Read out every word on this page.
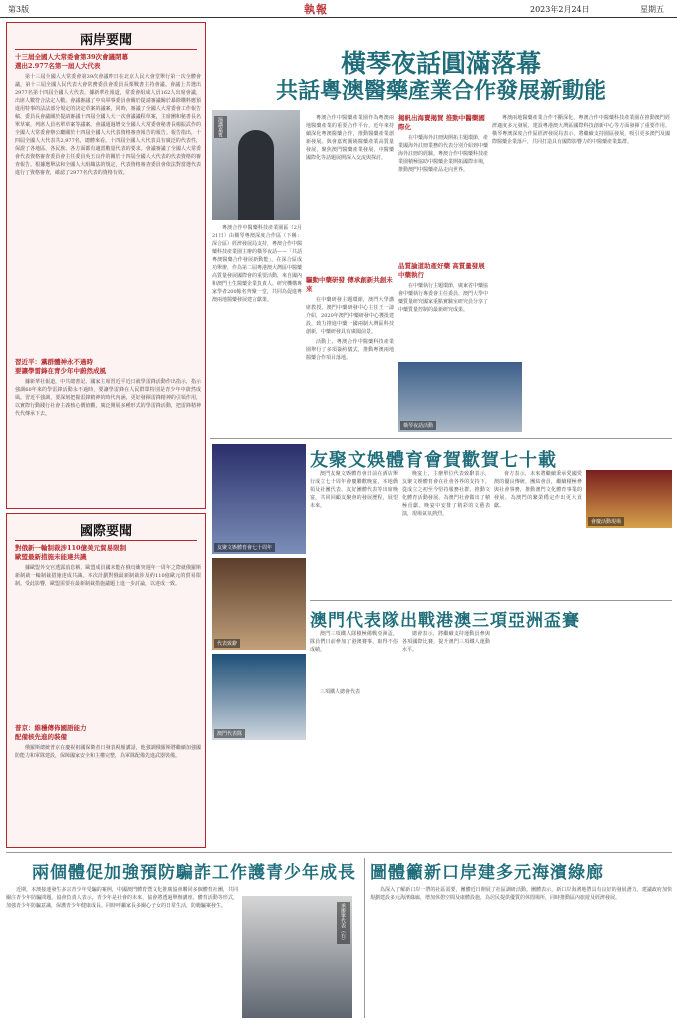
第3版	執報	2023年2月24日	星期五
兩岸要聞
十三屆全國人大常委會第39次會議閉幕
選出2.977名第一屆人大代表

第十三屆全國人大常委會第39次會議昨日在北京人民大會堂舉行第一次全體會議，第十三屆全國人民代表大會常務委員會委員長栗戰書主持會議。會議上共選出2977名第十四屆全國人大代表，據新華社報道，常委會組成人員162人出席會議，出席人數符合法定人數。會議審議了中央軍事委員會關於提請審議關於暴除購料應預進用特事的法法部分規定的決定草案的議案，同時，審議了全國人大常委會工作報告稿、委員長會議關於提請審議十四屆全國人大一次會議議程草案，主席團和秘書長名單草案，列席人員名單草案等議案。會議通過增交全國人大常委會秘書長楊振武作的全國人大常委會辦公廳關於十四屆全國人大代表資格審查報告的報告。報告指出，十四屆全國人大代表共2,977名，總體來看，十四屆全國人大代表具有廣泛的代表性，保證了各地區、各民族、各方面都有適當數量代表的要求。會議審議了全國人大常委會代表資格審查委員會主任委員吳玉良作的關於十四屆全國人大代表的代表資格的審查報告。根據選舉法和全國人大組織法的規定，代表資格審查委員會依法對當選代表進行了資格審查，確認了2977名代表的資格有效。

習近平：黨群體神永不過時
要讓學雷鋒在青少年中蔚然成風

據新華社報道，中共總書記、國家主席習近平近日就學雷鋒活動作出指示，指示強調60年來的學雷鋒活動永不過時，要讓學雷鋒在人民群眾特別是青少年中蔚然成風。習近平強調，要深刻把握雷鋒精神的時代內涵，更好發揮雷鋒精神的引領作用，以實際行動踐行社會主義核心價值觀，廣泛開展多種形式的學雷鋒活動，把雷鋒精神代代傳承下去。

國際要聞
對俄新一輪制裁涉110億美元貿易限制
歐盟最新措施未能達共識

據歐盟外交官透露消息稱，歐盟成員國未能在俄烏衝突週年一周年之際就俄羅斯新制裁一輪制裁措施達成共識。本次計劃對俄最新制裁涉及約110億歐元的貿易限制。受此影響，歐盟需要在最新制裁措施議題上進一步討論，以達成一致。

普京：維穩傳佈國語能力
配備核先進的裝備

俄羅斯總統普京在慶祝祖國保衛者日發表視頻講話，他強調俄羅斯將繼續加強國防能力和軍隊建設，保障國家安全和主權完整，為軍隊配備先進武器裝備。

橫琴夜話圓滿落幕
共話粵澳醫藥產業合作發展新動能
演講嘉賓

粵澳合作中醫藥科技產業園區（2月21日）由橫琴粵澳深度合作區（下稱：深合區）經濟發展局支持，粵澳合作中醫藥科技產業園主辦的橫琴夜話——「共話粵澳醫藥合作發展新動能」，在深合區成功舉辦，作為第二屆粵港澳大灣區中醫藥高質量發展國際會的重要活動，來自國內和澳門土生醫藥企業負責人、研究機構專家學者200餘名齊聚一堂，共同為促進粵澳兩地醫藥發展建言獻策。

粵澳合作中醫藥產業園作為粵澳兩地醫藥產業的重要合作平台，近年來持續深化粵澳醫藥合作，推動醫藥產業創新發展。與會嘉賓圍繞醫藥產業高質量發展，聚焦澳門醫藥產業發展，中醫藥國際化等話題展開深入交流與探討。

驅動中藥研發 傳承創新共創未來

在中藥研發主題環節，澳門大學講席教授、澳門中藥研發中心主任王一濤介紹，2020年澳門中藥研發中心獲批建設，致力推進中藥一國兩制大灣區科技創新，中藥研發具有廣闊前景。

活動上，粵澳合作中醫藥科技產業園舉行了多項簽約儀式，推動粵澳兩地醫藥合作項目落地。

揭帆出海賣揭賀 推動中醫藥國際化

在中藥海外註冊與開拓主題環節，產業國海外註冊業務的代表分別介紹到中藥海外註冊的經驗。粵澳合作中醫藥科技產業園積極協助中醫藥企業開拓國際市場，推動澳門中醫藥產品走向世界。

品質論道助產好藥 高質量發展中藥執行

在中藥執行主題環節，廣東省中藥協會中藥執行專委會主任委員、澳門大學中藥質量研究國家重點實驗室研究員分享了中藥質量控制的最新研究成果。

橫琴夜話活動

粵澳兩地醫藥產業合作不斷深化，粵澳合作中醫藥科技產業園在推動澳門經濟適度多元發展、建設粵港澳大灣區國際科技創新中心等方面發揮了重要作用。橫琴粵澳深度合作區經濟發展局表示，將繼續支持園區發展，吸引更多澳門及國際醫藥企業落戶，共同打造具有國際影響力的中醫藥產業集群。

友聚文娛體育會七十周年
代表致辭
友聚文娛體育會賀歡賀七十載

澳門友聚文娛體育會日前在酒店舉行成立七十周年會慶聯歡晚宴，本地僑領及社團代表、友好團體代表等出席晚宴，共同回顧友聚會的發展歷程，展望未來。

晚宴上，主辦單位代表致辭表示，友聚文娛體育會在社會各界的支持下，從成立之初至今堅持服務社群，推動文化體育活動發展，為澳門社會做出了積極貢獻。晚宴中安排了精彩的文藝表演，現場氣氛熱烈。

會方表示，未來將繼續秉承愛國愛澳的優良傳統，團結會員，繼續積極參與社會事務，推動澳門文化體育事業的發展，為澳門的繁榮穩定作出更大貢獻。

會慶活動現場
澳門代表隊出戰港澳三項亞洲盃賽

澳門三項鐵人隊積極備戰亞洲盃，隊員們日前參加了港澳賽事，取得不俗成績。

總會表示，將繼續支持運動員參與各項國際比賽，提升澳門三項鐵人運動水平。

澳門代表隊

三項鐵人總會代表

兩個體促加強預防騙詐工作護青少年成長

近期，本澳接連發生多宗青少年受騙的案例，中國澳門體育暨文化推廣協會聯同多個體育社團，共同關注青少年防騙問題。協會負責人表示，青少年是社會的未來，協會將透過舉辦講座、體育活動等形式，加強青少年防騙意識，保護青少年健康成長。同時呼籲家長多關心子女的日常生活，防範騙案發生。	承辦單代表（右）
圖體籲新口岸建多元海濱綠廊

為深入了解新口岸一帶的社區需要，團體近日開展了社區調研活動。團體表示，新口岸海濱地帶具有良好的發展潛力，建議政府加快規劃建設多元海濱綠廊，增加休憩空間及康體設施，為居民提供優質的休閒場所，同時推動區內旅遊及經濟發展。
